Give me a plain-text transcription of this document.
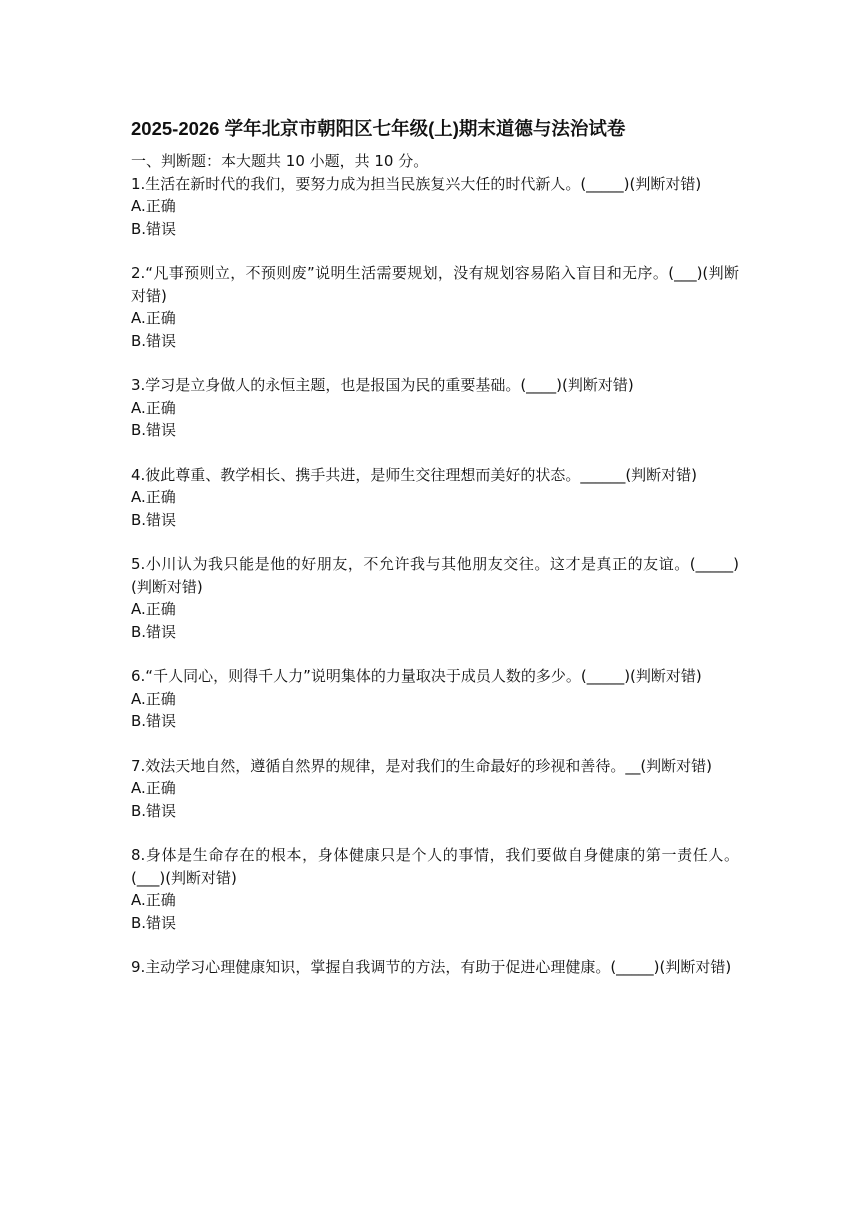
2025-2026 学年北京市朝阳区七年级(上)期末道德与法治试卷
一、判断题：本大题共 10 小题，共 10 分。
1.生活在新时代的我们，要努力成为担当民族复兴大任的时代新人。(_____)(判断对错)
A.正确
B.错误
2.“凡事预则立，不预则废”说明生活需要规划，没有规划容易陷入盲目和无序。(___)(判断对错)
A.正确
B.错误
3.学习是立身做人的永恒主题，也是报国为民的重要基础。(____)(判断对错)
A.正确
B.错误
4.彼此尊重、教学相长、携手共进，是师生交往理想而美好的状态。______(判断对错)
A.正确
B.错误
5.小川认为我只能是他的好朋友，不允许我与其他朋友交往。这才是真正的友谊。(_____)(判断对错)
A.正确
B.错误
6.“千人同心，则得千人力”说明集体的力量取决于成员人数的多少。(_____)(判断对错)
A.正确
B.错误
7.效法天地自然，遵循自然界的规律，是对我们的生命最好的珍视和善待。__(判断对错)
A.正确
B.错误
8.身体是生命存在的根本，身体健康只是个人的事情，我们要做自身健康的第一责任人。(___)(判断对错)
A.正确
B.错误
9.主动学习心理健康知识，掌握自我调节的方法，有助于促进心理健康。(_____)(判断对错)
